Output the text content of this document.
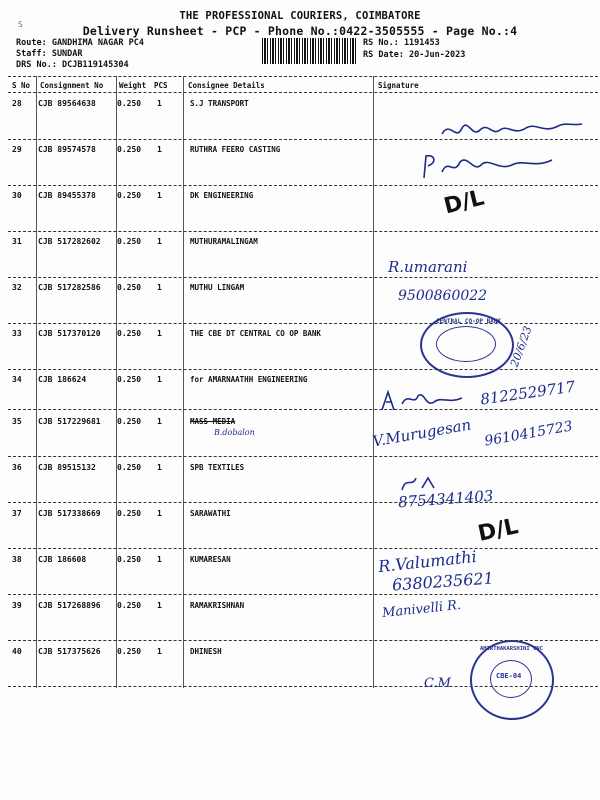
S
THE PROFESSIONAL COURIERS, COIMBATORE
Delivery Runsheet - PCP - Phone No.:0422-3505555 - Page No.:4
Route: GANDHIMA NAGAR PC4
Staff: SUNDAR
DRS No.: DCJB119145304
RS No.: 1191453
RS Date: 20-Jun-2023
S No Consignment No Weight PCS	Consignee Details	Signature
28 CJB 89564638	0.250 1	S.J TRANSPORT
29 CJB 89574578	0.250 1	RUTHRA FEERO CASTING
30 CJB 89455378	0.250 1	DK ENGINEERING
31 CJB 517282602 0.250 1	MUTHURAMALINGAM
32 CJB 517282586 0.250 1	MUTHU LINGAM
33 CJB 517370120 0.250 1	THE CBE DT CENTRAL CO OP BANK
34 CJB 186624	0.250 1	for AMARNAATHH ENGINEERING
35 CJB 517229681 0.250 1	MASS MEDIA
36 CJB 89515132	0.250 1	SPB TEXTILES
37 CJB 517338669 0.250 1	SARAWATHI
38 CJB 186608	0.250 1	KUMARESAN
39 CJB 517268896 0.250 1	RAMAKRISHNAN
40 CJB 517375626 0.250 1	DHINESH
D/L
R.umarani
9500860022
CENTRAL CO-OP BANK
20/6/23
8122529717
B.dobalon	V.Murugesan 9610415723
8754341403
D/L
R.Valumathi
6380235621
Manivelli R.
AMIRTHAKARSHINI CNC
CBE-04
C.M
